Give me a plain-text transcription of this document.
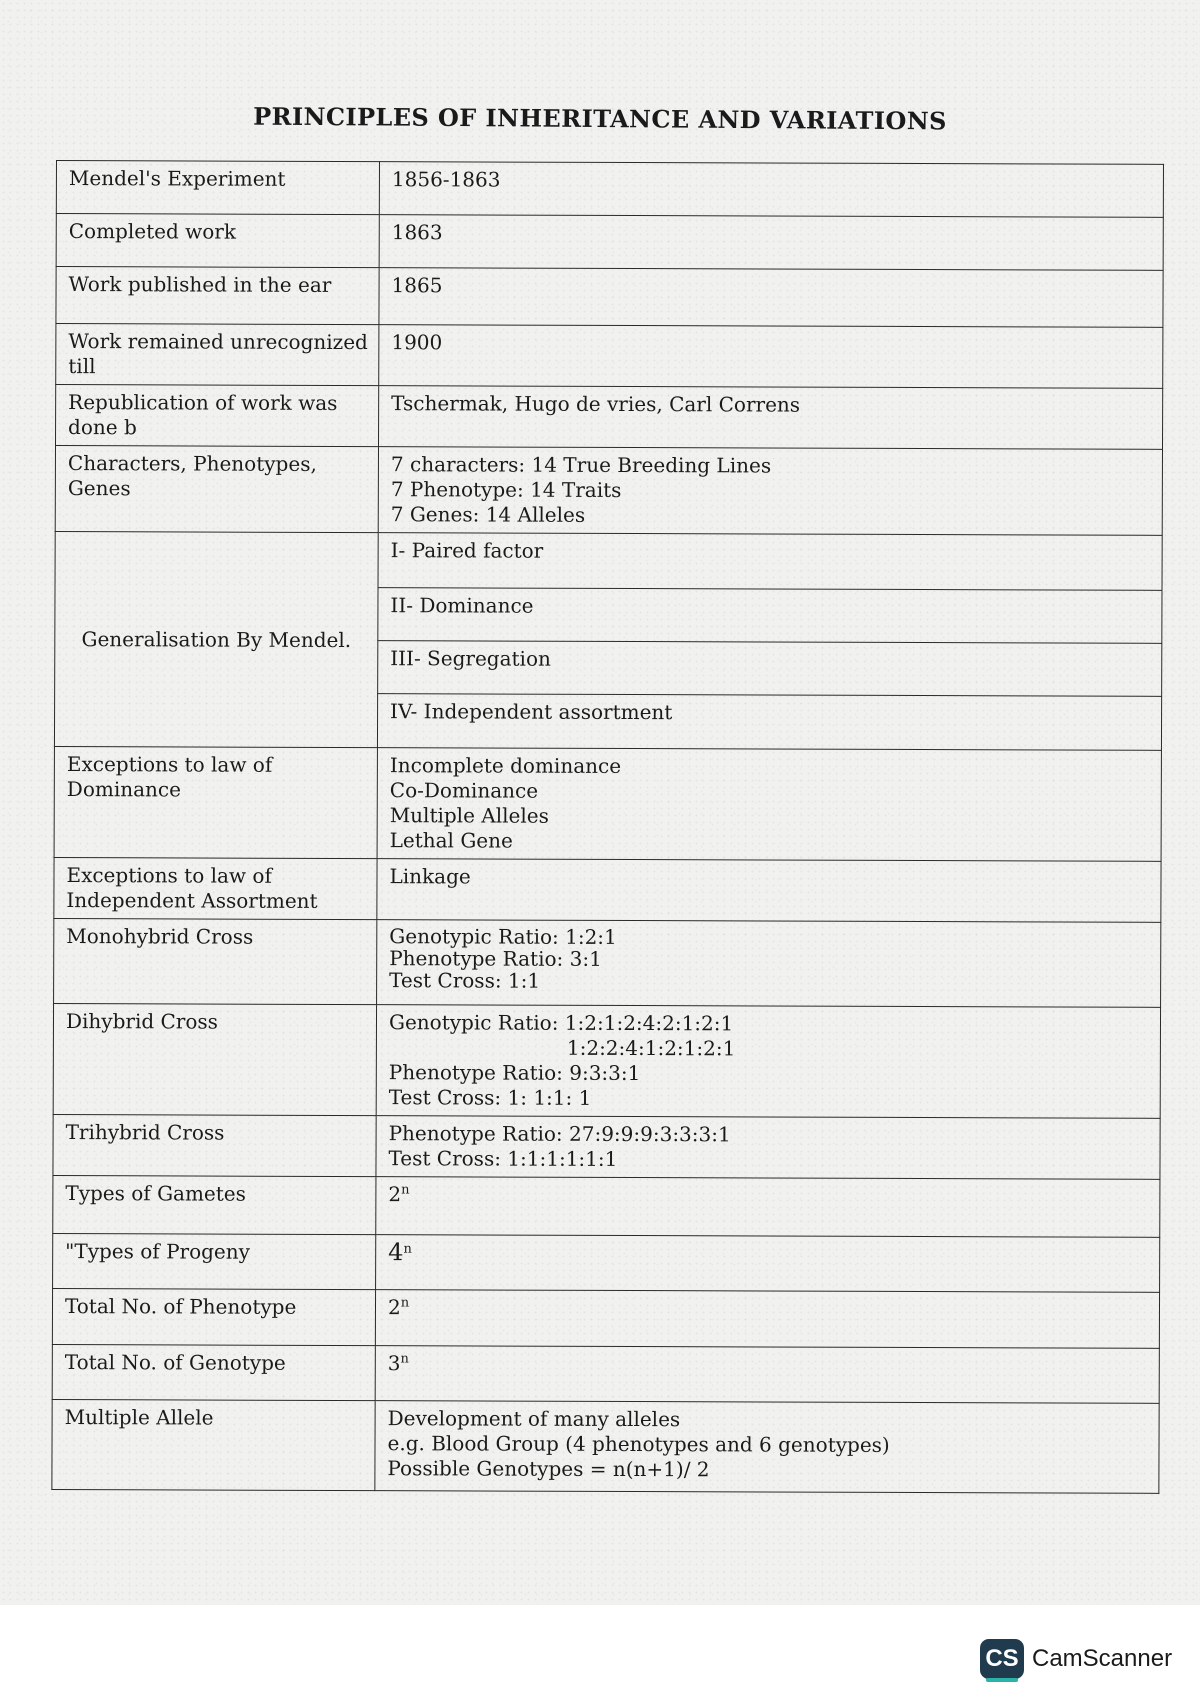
PRINCIPLES OF INHERITANCE AND VARIATIONS
Mendel's Experiment	1856-1863

Completed work	1863

Work published in the ear	1865

Work remained unrecognized till	1900

Republication of work was done b	Tschermak, Hugo de vries, Carl Correns

Characters, Phenotypes, Genes	7 characters: 14 True Breeding Lines
7 Phenotype: 14 Traits
7 Genes: 14 Alleles

Generalisation By Mendel.	I- Paired factor

	II- Dominance

	III- Segregation

	IV- Independent assortment

Exceptions to law of Dominance	Incomplete dominance
Co-Dominance
Multiple Alleles
Lethal Gene

Exceptions to law of Independent Assortment	Linkage

Monohybrid Cross	Genotypic Ratio: 1:2:1
Phenotype Ratio: 3:1
Test Cross: 1:1

Dihybrid Cross	Genotypic Ratio: 1:2:1:2:4:2:1:2:1
1:2:2:4:1:2:1:2:1
Phenotype Ratio: 9:3:3:1
Test Cross: 1: 1:1: 1

Trihybrid Cross	Phenotype Ratio: 27:9:9:9:3:3:3:1
Test Cross: 1:1:1:1:1:1

Types of Gametes	2$^n$
"Types of Progeny	4$^n$
Total No. of Phenotype	2$^n$
Total No. of Genotype	3$^n$
Multiple Allele	Development of many alleles
e.g. Blood Group (4 phenotypes and 6 genotypes)
Possible Genotypes = n(n+1)/ 2
CS CamScanner
